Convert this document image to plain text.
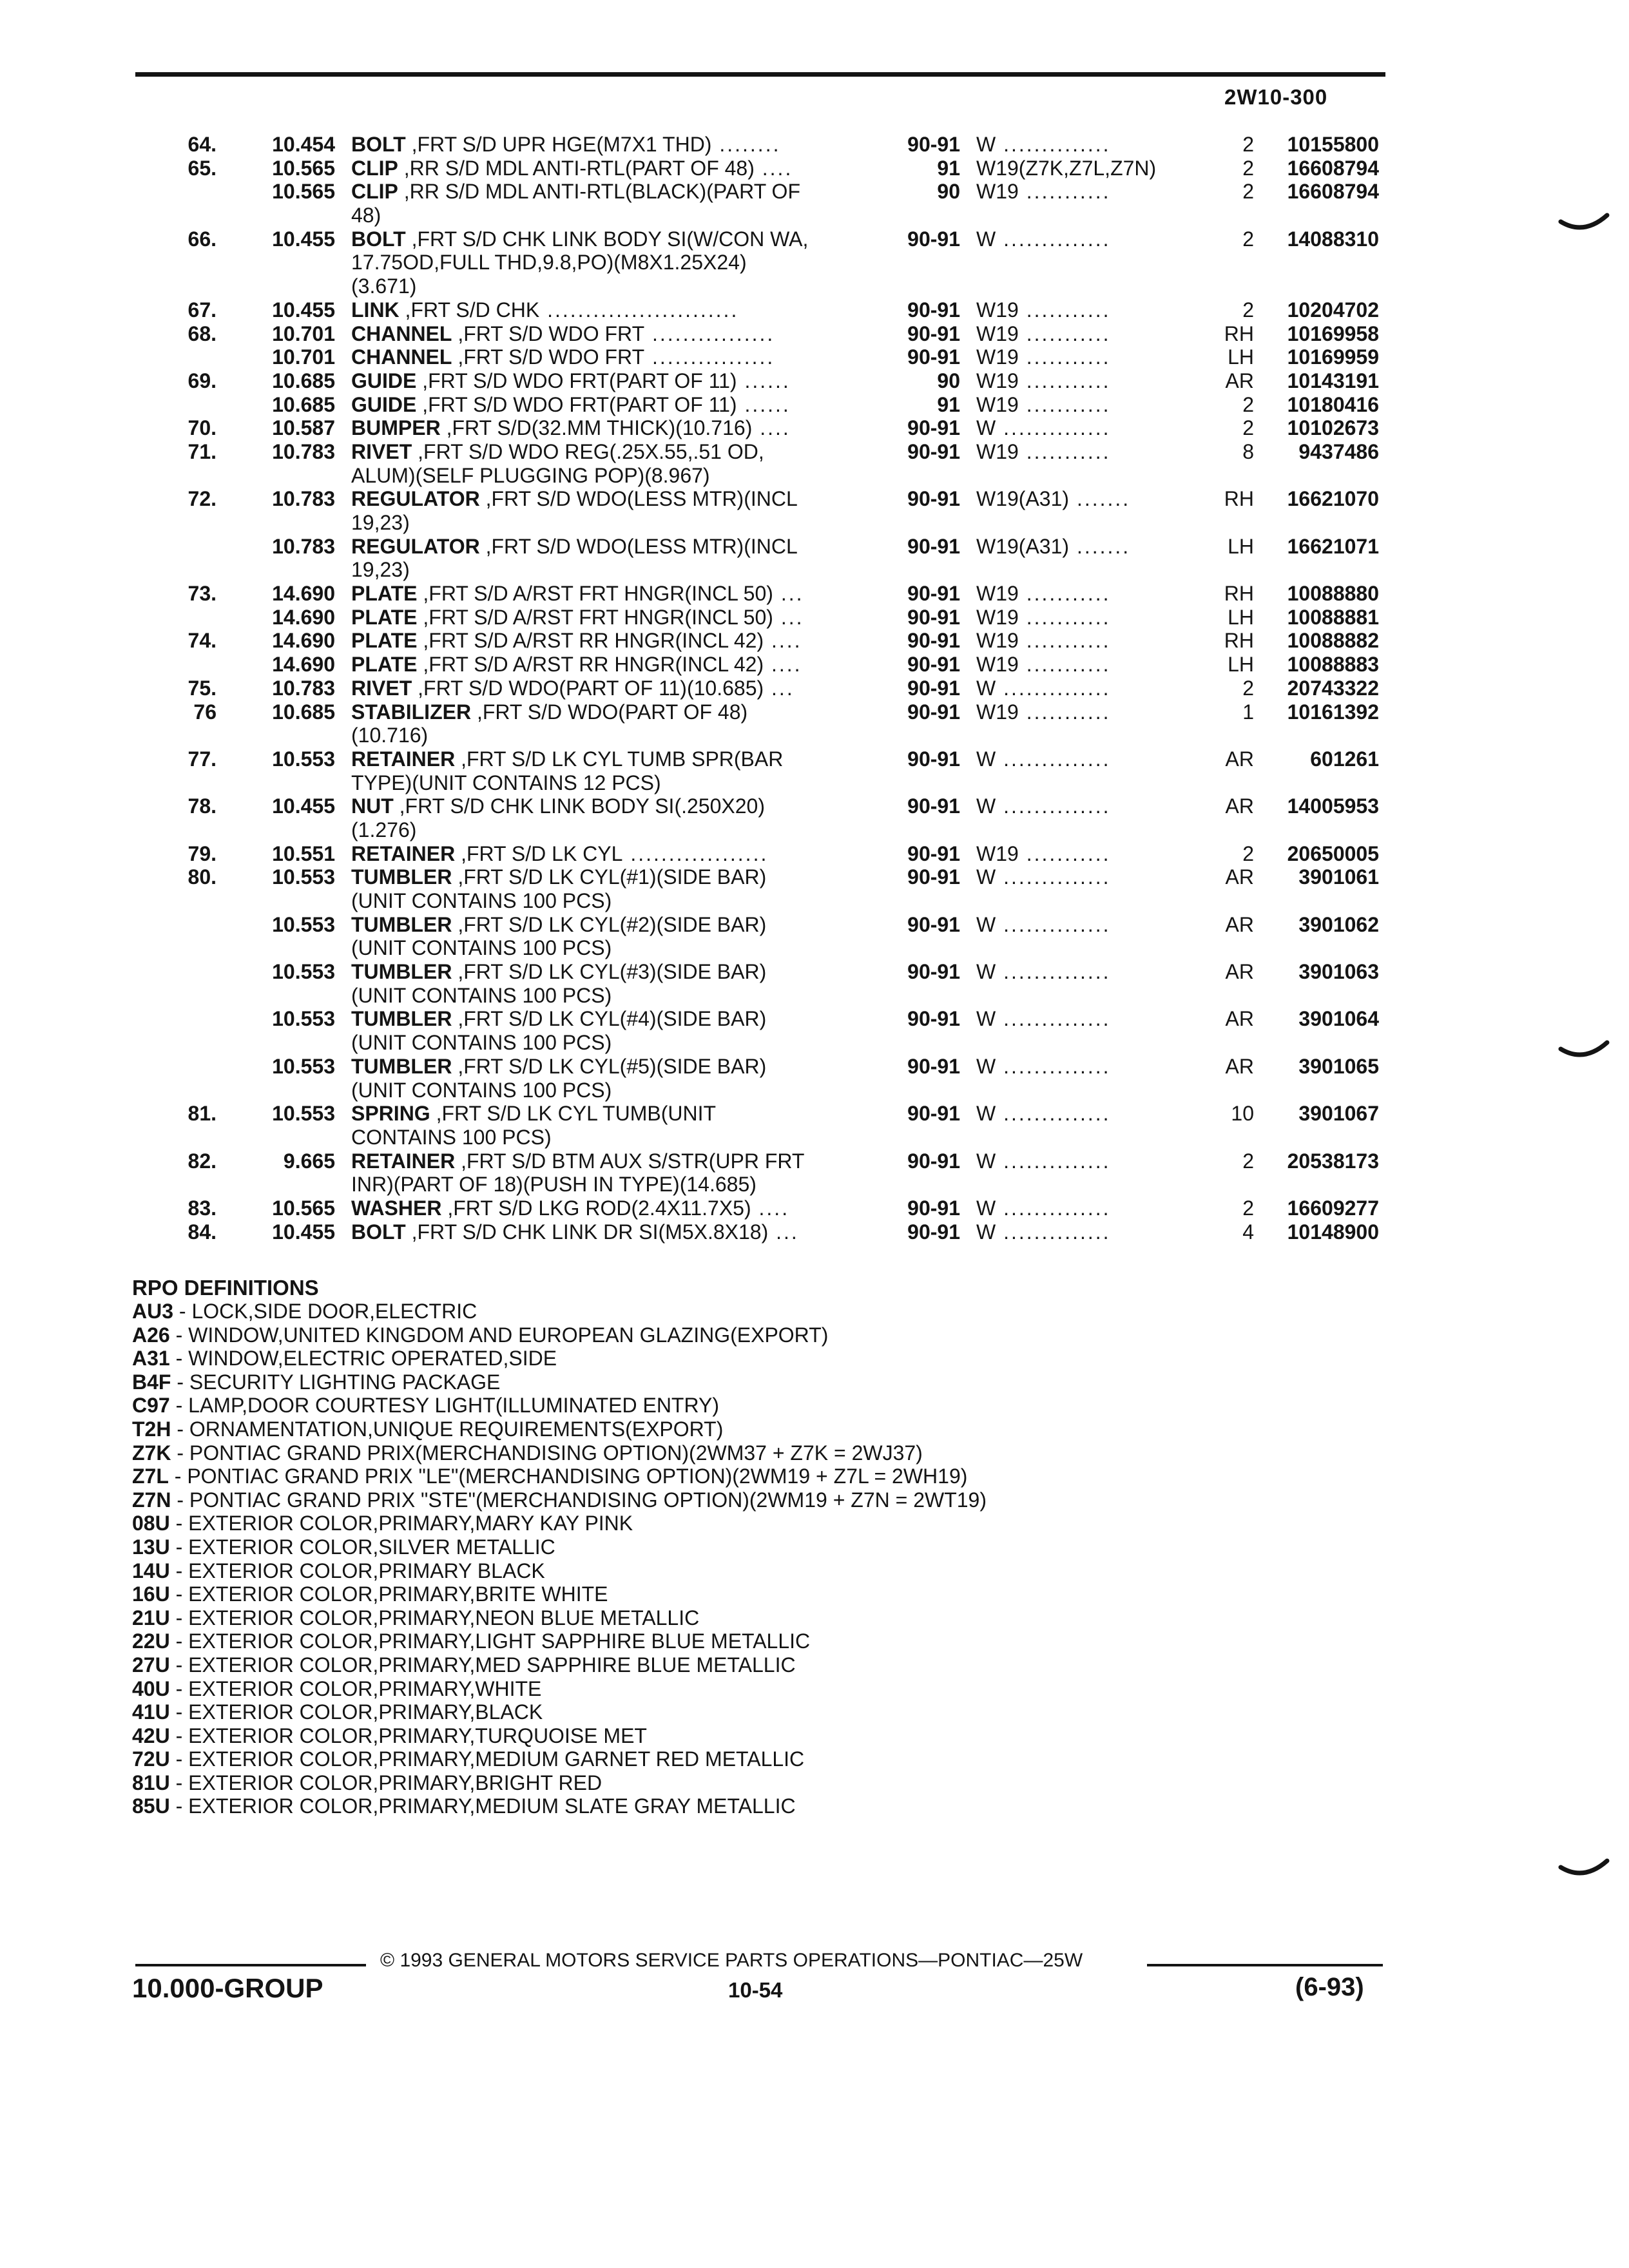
2W10-300
64.	10.454 BOLT ,FRT S/D UPR HGE(M7X1 THD) ........	90-91 W ..............	2	10155800
65.	10.565 CLIP ,RR S/D MDL ANTI-RTL(PART OF 48) ....	91 W19(Z7K,Z7L,Z7N)	2	16608794
10.565 CLIP ,RR S/D MDL ANTI-RTL(BLACK)(PART OF	90 W19 ...........	2	16608794
48)
66.	10.455 BOLT ,FRT S/D CHK LINK BODY SI(W/CON WA,	90-91 W ..............	2	14088310
17.75OD,FULL THD,9.8,PO)(M8X1.25X24)
(3.671)
67.	10.455 LINK ,FRT S/D CHK .........................	90-91 W19 ...........	2	10204702
68.	10.701 CHANNEL ,FRT S/D WDO FRT ................	90-91 W19 ...........	RH	10169958
10.701 CHANNEL ,FRT S/D WDO FRT ................	90-91 W19 ...........	LH	10169959
69.	10.685 GUIDE ,FRT S/D WDO FRT(PART OF 11) ......	90 W19 ...........	AR	10143191
10.685 GUIDE ,FRT S/D WDO FRT(PART OF 11) ......	91 W19 ...........	2	10180416
70.	10.587 BUMPER ,FRT S/D(32.MM THICK)(10.716) ....	90-91 W ..............	2	10102673
71.	10.783 RIVET ,FRT S/D WDO REG(.25X.55,.51 OD,	90-91 W19 ...........	8	9437486
ALUM)(SELF PLUGGING POP)(8.967)
72.	10.783 REGULATOR ,FRT S/D WDO(LESS MTR)(INCL	90-91 W19(A31) .......	RH	16621070
19,23)
10.783 REGULATOR ,FRT S/D WDO(LESS MTR)(INCL	90-91 W19(A31) .......	LH	16621071
19,23)
73.	14.690 PLATE ,FRT S/D A/RST FRT HNGR(INCL 50) ...	90-91 W19 ...........	RH	10088880
14.690 PLATE ,FRT S/D A/RST FRT HNGR(INCL 50) ...	90-91 W19 ...........	LH	10088881
74.	14.690 PLATE ,FRT S/D A/RST RR HNGR(INCL 42) ....	90-91 W19 ...........	RH	10088882
14.690 PLATE ,FRT S/D A/RST RR HNGR(INCL 42) ....	90-91 W19 ...........	LH	10088883
75.	10.783 RIVET ,FRT S/D WDO(PART OF 11)(10.685) ...	90-91 W ..............	2	20743322
76	10.685 STABILIZER ,FRT S/D WDO(PART OF 48)	90-91 W19 ...........	1	10161392
(10.716)
77.	10.553 RETAINER ,FRT S/D LK CYL TUMB SPR(BAR	90-91 W ..............	AR	601261
TYPE)(UNIT CONTAINS 12 PCS)
78.	10.455 NUT ,FRT S/D CHK LINK BODY SI(.250X20)	90-91 W ..............	AR	14005953
(1.276)
79.	10.551 RETAINER ,FRT S/D LK CYL ..................	90-91 W19 ...........	2	20650005
80.	10.553 TUMBLER ,FRT S/D LK CYL(#1)(SIDE BAR)	90-91 W ..............	AR	3901061
(UNIT CONTAINS 100 PCS)
10.553 TUMBLER ,FRT S/D LK CYL(#2)(SIDE BAR)	90-91 W ..............	AR	3901062
(UNIT CONTAINS 100 PCS)
10.553 TUMBLER ,FRT S/D LK CYL(#3)(SIDE BAR)	90-91 W ..............	AR	3901063
(UNIT CONTAINS 100 PCS)
10.553 TUMBLER ,FRT S/D LK CYL(#4)(SIDE BAR)	90-91 W ..............	AR	3901064
(UNIT CONTAINS 100 PCS)
10.553 TUMBLER ,FRT S/D LK CYL(#5)(SIDE BAR)	90-91 W ..............	AR	3901065
(UNIT CONTAINS 100 PCS)
81.	10.553 SPRING ,FRT S/D LK CYL TUMB(UNIT	90-91 W ..............	10	3901067
CONTAINS 100 PCS)
82.	9.665 RETAINER ,FRT S/D BTM AUX S/STR(UPR FRT	90-91 W ..............	2	20538173
INR)(PART OF 18)(PUSH IN TYPE)(14.685)
83.	10.565 WASHER ,FRT S/D LKG ROD(2.4X11.7X5) ....	90-91 W ..............	2	16609277
84.	10.455 BOLT ,FRT S/D CHK LINK DR SI(M5X.8X18) ...	90-91 W ..............	4	10148900
RPO DEFINITIONS
AU3 - LOCK,SIDE DOOR,ELECTRIC
A26 - WINDOW,UNITED KINGDOM AND EUROPEAN GLAZING(EXPORT)
A31 - WINDOW,ELECTRIC OPERATED,SIDE
B4F - SECURITY LIGHTING PACKAGE
C97 - LAMP,DOOR COURTESY LIGHT(ILLUMINATED ENTRY)
T2H - ORNAMENTATION,UNIQUE REQUIREMENTS(EXPORT)
Z7K - PONTIAC GRAND PRIX(MERCHANDISING OPTION)(2WM37 + Z7K = 2WJ37)
Z7L - PONTIAC GRAND PRIX "LE"(MERCHANDISING OPTION)(2WM19 + Z7L = 2WH19)
Z7N - PONTIAC GRAND PRIX "STE"(MERCHANDISING OPTION)(2WM19 + Z7N = 2WT19)
08U - EXTERIOR COLOR,PRIMARY,MARY KAY PINK
13U - EXTERIOR COLOR,SILVER METALLIC
14U - EXTERIOR COLOR,PRIMARY BLACK
16U - EXTERIOR COLOR,PRIMARY,BRITE WHITE
21U - EXTERIOR COLOR,PRIMARY,NEON BLUE METALLIC
22U - EXTERIOR COLOR,PRIMARY,LIGHT SAPPHIRE BLUE METALLIC
27U - EXTERIOR COLOR,PRIMARY,MED SAPPHIRE BLUE METALLIC
40U - EXTERIOR COLOR,PRIMARY,WHITE
41U - EXTERIOR COLOR,PRIMARY,BLACK
42U - EXTERIOR COLOR,PRIMARY,TURQUOISE MET
72U - EXTERIOR COLOR,PRIMARY,MEDIUM GARNET RED METALLIC
81U - EXTERIOR COLOR,PRIMARY,BRIGHT RED
85U - EXTERIOR COLOR,PRIMARY,MEDIUM SLATE GRAY METALLIC
© 1993 GENERAL MOTORS SERVICE PARTS OPERATIONS—PONTIAC—25W
10.000-GROUP	10-54	(6-93)
